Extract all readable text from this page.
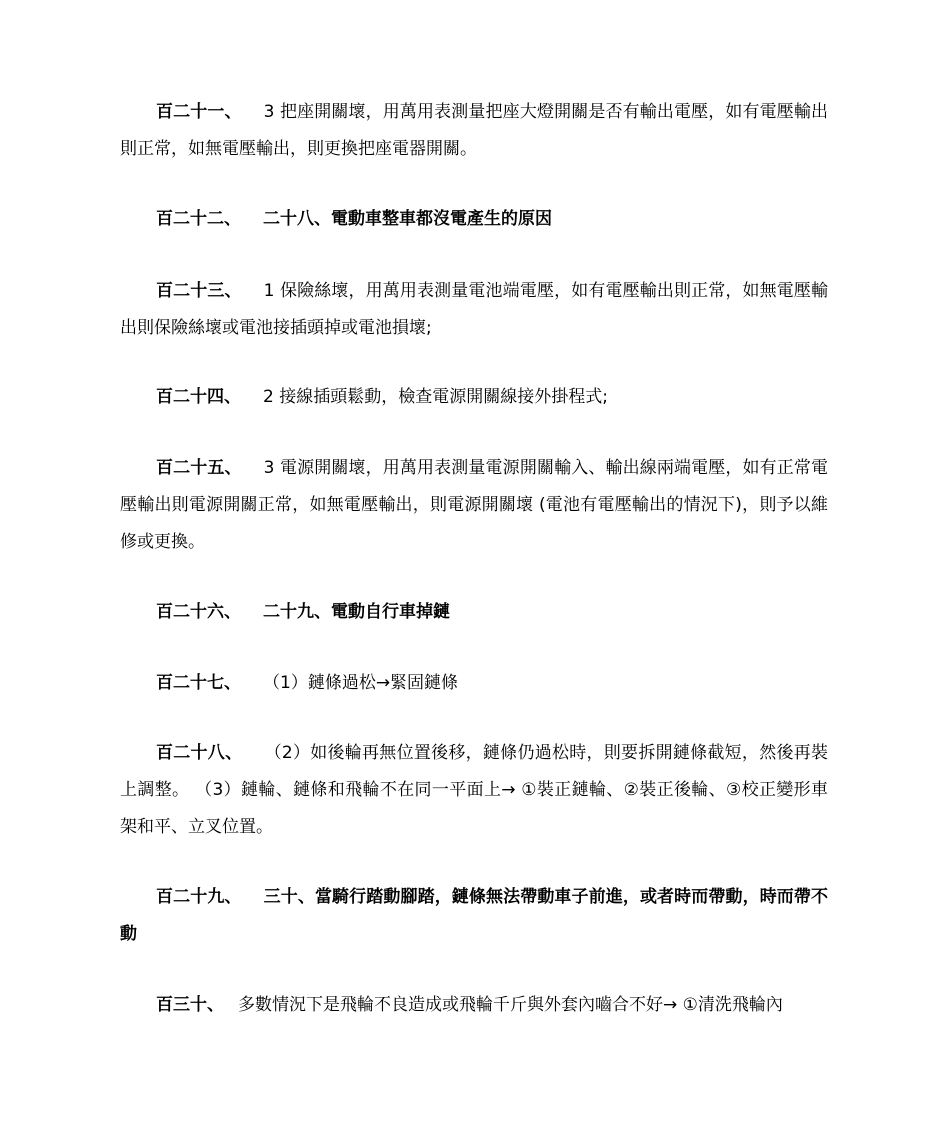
百二十一、 3 把座開關壞，用萬用表測量把座大燈開關是否有輸出電壓，如有電壓輸出則正常，如無電壓輸出，則更換把座電器開關。

百二十二、 二十八、電動車整車都沒電產生的原因

百二十三、 1 保險絲壞，用萬用表測量電池端電壓，如有電壓輸出則正常，如無電壓輸出則保險絲壞或電池接插頭掉或電池損壞;

百二十四、 2 接線插頭鬆動，檢查電源開關線接外掛程式;

百二十五、 3 電源開關壞，用萬用表測量電源開關輸入、輸出線兩端電壓，如有正常電壓輸出則電源開關正常，如無電壓輸出，則電源開關壞 (電池有電壓輸出的情況下)，則予以維修或更換。

百二十六、 二十九、電動自行車掉鏈

百二十七、 （1）鏈條過松→緊固鏈條

百二十八、 （2）如後輪再無位置後移，鏈條仍過松時，則要拆開鏈條截短，然後再裝上調整。 （3）鏈輪、鏈條和飛輪不在同一平面上→ ①裝正鏈輪、②裝正後輪、③校正變形車架和平、立叉位置。

百二十九、 三十、當騎行踏動腳踏，鏈條無法帶動車子前進，或者時而帶動，時而帶不動

百三十、 多數情況下是飛輪不良造成或飛輪千斤與外套內嚙合不好→ ①清洗飛輪內
